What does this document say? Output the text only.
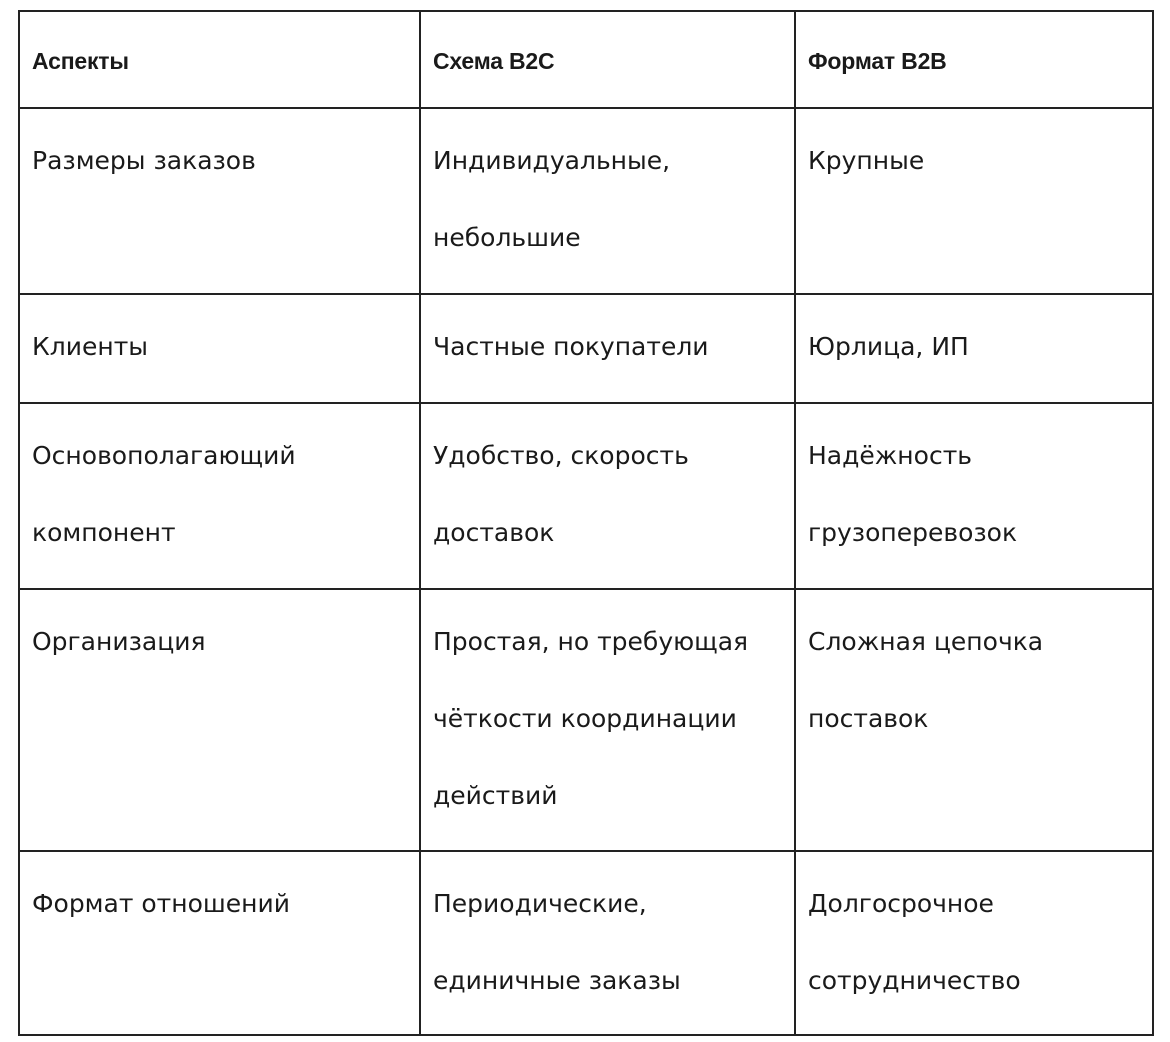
Аспекты	Схема B2C	Формат B2B

Размеры заказов	Индивидуальные, небольшие	Крупные

Клиенты	Частные покупатели	Юрлица, ИП

Основополагающий компонент	Удобство, скорость доставок	Надёжность грузоперевозок

Организация	Простая, но требующая чёткости координации действий	Сложная цепочка поставок

Формат отношений	Периодические, единичные заказы	Долгосрочное сотрудничество
